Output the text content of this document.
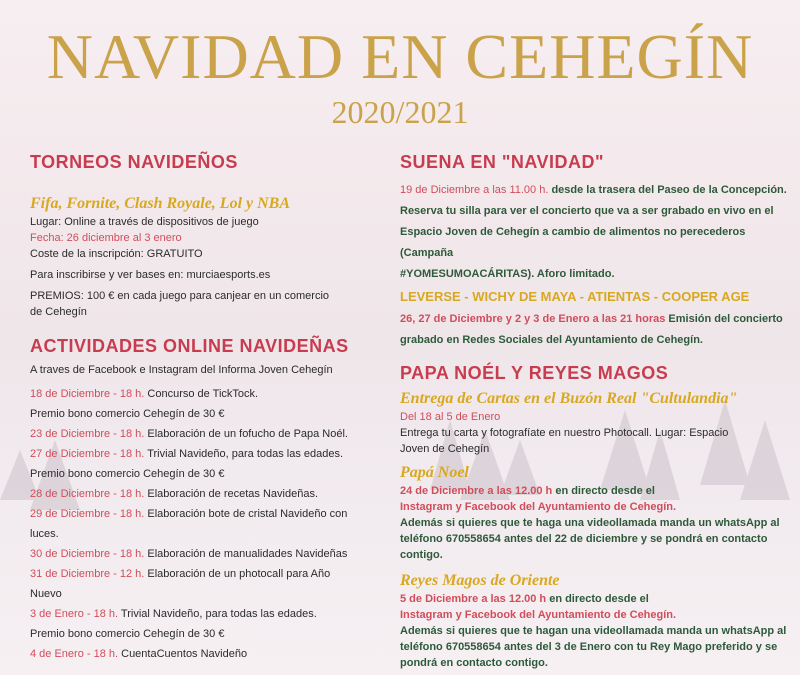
NAVIDAD EN CEHEGÍN
2020/2021
TORNEOS NAVIDEÑOS
Fifa, Fornite, Clash Royale, Lol y NBA

Lugar: Online a través de dispositivos de juego

Fecha: 26 diciembre al 3 enero

Coste de la inscripción: GRATUITO

Para inscribirse y ver bases en: murciaesports.es

PREMIOS: 100 € en cada juego para canjear en un comercio

de Cehegín

ACTIVIDADES ONLINE NAVIDEÑAS

A traves de Facebook e Instagram del Informa Joven Cehegín

18 de Diciembre - 18 h. Concurso de TickTock.

Premio bono comercio Cehegín de 30 €

23 de Diciembre - 18 h. Elaboración de un fofucho de Papa Noél.

27 de Diciembre - 18 h. Trivial Navideño, para todas las edades.

Premio bono comercio Cehegín de 30 €

28 de Diciembre - 18 h. Elaboración de recetas Navideñas.

29 de Diciembre - 18 h. Elaboración bote de cristal Navideño con

luces.

30 de Diciembre - 18 h. Elaboración de manualidades Navideñas

31 de Diciembre - 12 h. Elaboración de un photocall para Año

Nuevo

3 de Enero - 18 h. Trivial Navideño, para todas las edades.

Premio bono comercio Cehegín de 30 €

4 de Enero - 18 h. CuentaCuentos Navideño

SUENA EN "NAVIDAD"

19 de Diciembre a las 11.00 h. desde la trasera del Paseo de la Concepción.

Reserva tu silla para ver el concierto que va a ser grabado en vivo en el

Espacio Joven de Cehegín a cambio de alimentos no perecederos (Campaña

#YOMESUMOACÁRITAS). Aforo limitado.

LEVERSE - WICHY DE MAYA - ATIENTAS - COOPER AGE

26, 27 de Diciembre y 2 y 3 de Enero a las 21 horas Emisión del concierto

grabado en Redes Sociales del Ayuntamiento de Cehegín.

PAPA NOÉL Y REYES MAGOS
Entrega de Cartas en el Buzón Real "Cultulandia"

Del 18 al 5 de Enero

Entrega tu carta y fotografíate en nuestro Photocall. Lugar: Espacio

Joven de Cehegín

Papá Noel

24 de Diciembre a las 12.00 h en directo desde el

Instagram y Facebook del Ayuntamiento de Cehegín.

Además si quieres que te haga una videollamada manda un whatsApp al

teléfono 670558654 antes del 22 de diciembre y se pondrá en contacto

contigo.

Reyes Magos de Oriente

5 de Diciembre a las 12.00 h en directo desde el

Instagram y Facebook del Ayuntamiento de Cehegín.

Además si quieres que te hagan una videollamada manda un whatsApp al

teléfono 670558654 antes del 3 de Enero con tu Rey Mago preferido y se

pondrá en contacto contigo.
